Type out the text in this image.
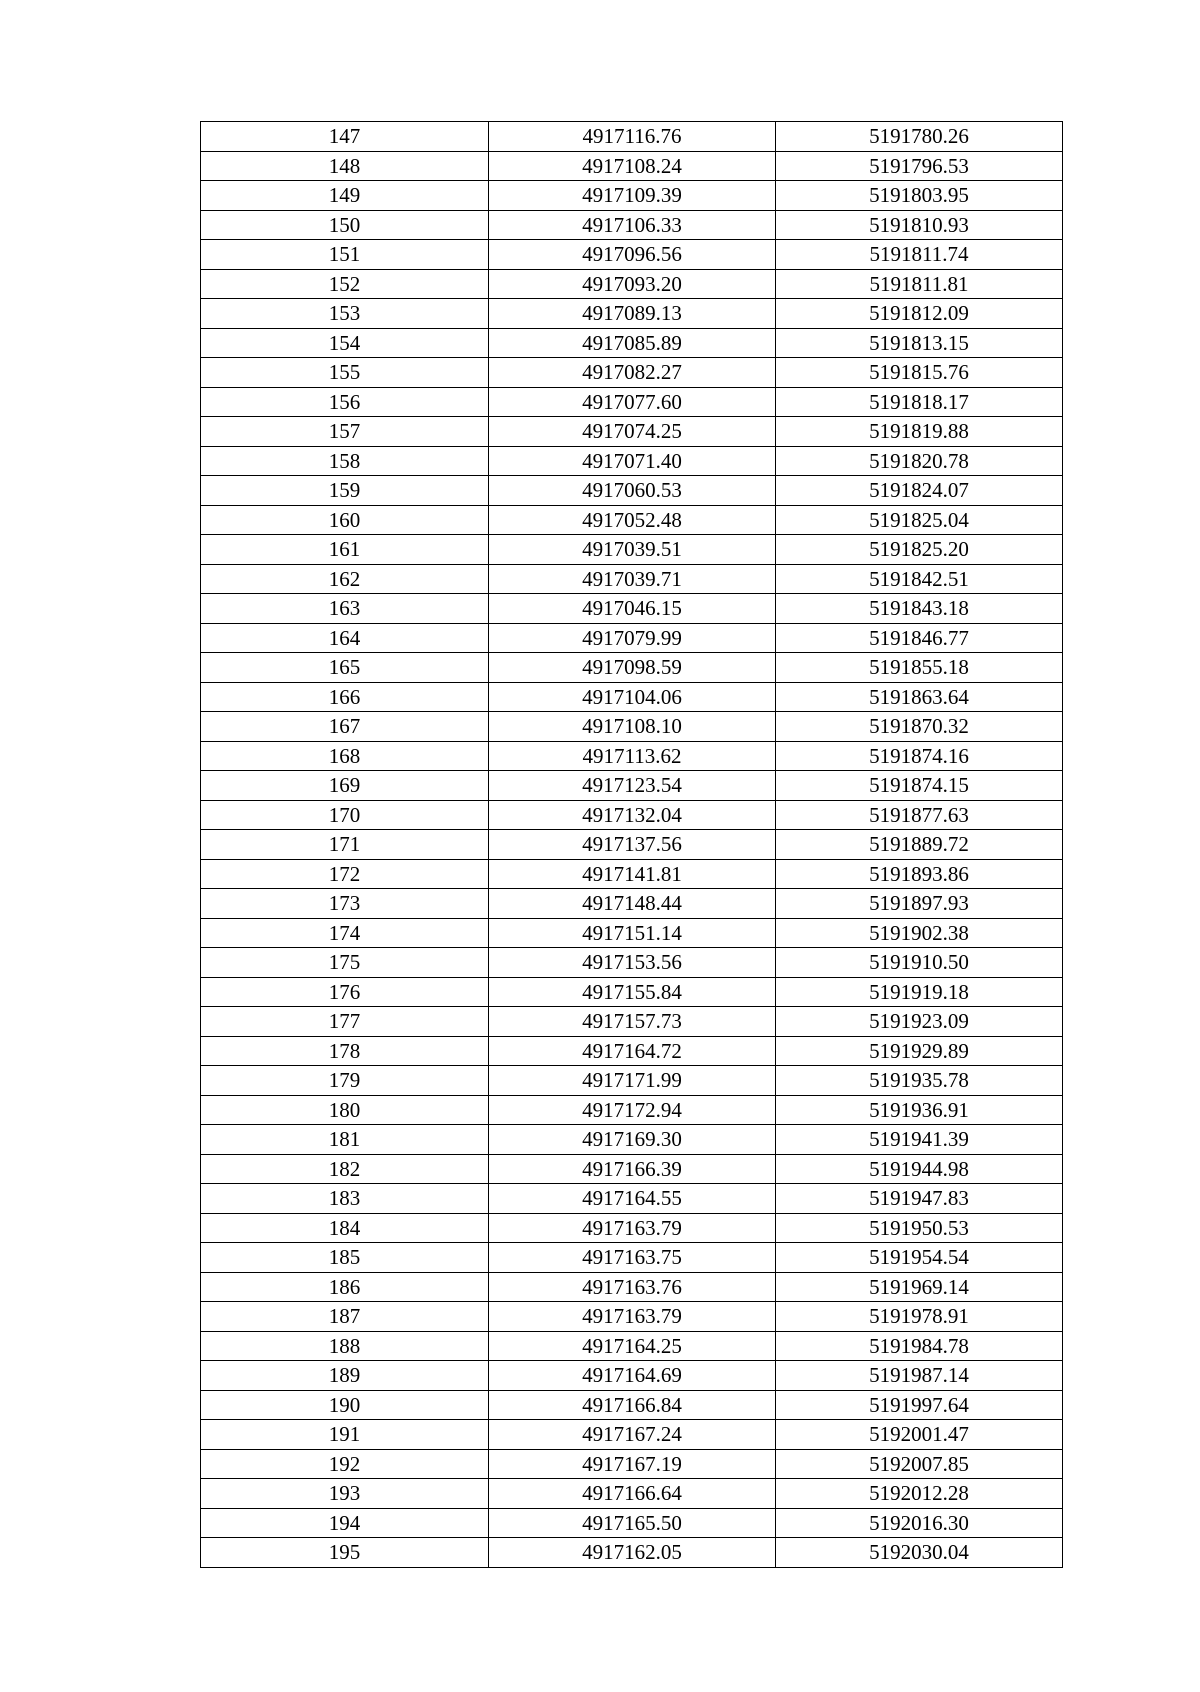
147	4917116.76	5191780.26
148	4917108.24	5191796.53
149	4917109.39	5191803.95
150	4917106.33	5191810.93
151	4917096.56	5191811.74
152	4917093.20	5191811.81
153	4917089.13	5191812.09
154	4917085.89	5191813.15
155	4917082.27	5191815.76
156	4917077.60	5191818.17
157	4917074.25	5191819.88
158	4917071.40	5191820.78
159	4917060.53	5191824.07
160	4917052.48	5191825.04
161	4917039.51	5191825.20
162	4917039.71	5191842.51
163	4917046.15	5191843.18
164	4917079.99	5191846.77
165	4917098.59	5191855.18
166	4917104.06	5191863.64
167	4917108.10	5191870.32
168	4917113.62	5191874.16
169	4917123.54	5191874.15
170	4917132.04	5191877.63
171	4917137.56	5191889.72
172	4917141.81	5191893.86
173	4917148.44	5191897.93
174	4917151.14	5191902.38
175	4917153.56	5191910.50
176	4917155.84	5191919.18
177	4917157.73	5191923.09
178	4917164.72	5191929.89
179	4917171.99	5191935.78
180	4917172.94	5191936.91
181	4917169.30	5191941.39
182	4917166.39	5191944.98
183	4917164.55	5191947.83
184	4917163.79	5191950.53
185	4917163.75	5191954.54
186	4917163.76	5191969.14
187	4917163.79	5191978.91
188	4917164.25	5191984.78
189	4917164.69	5191987.14
190	4917166.84	5191997.64
191	4917167.24	5192001.47
192	4917167.19	5192007.85
193	4917166.64	5192012.28
194	4917165.50	5192016.30
195	4917162.05	5192030.04
